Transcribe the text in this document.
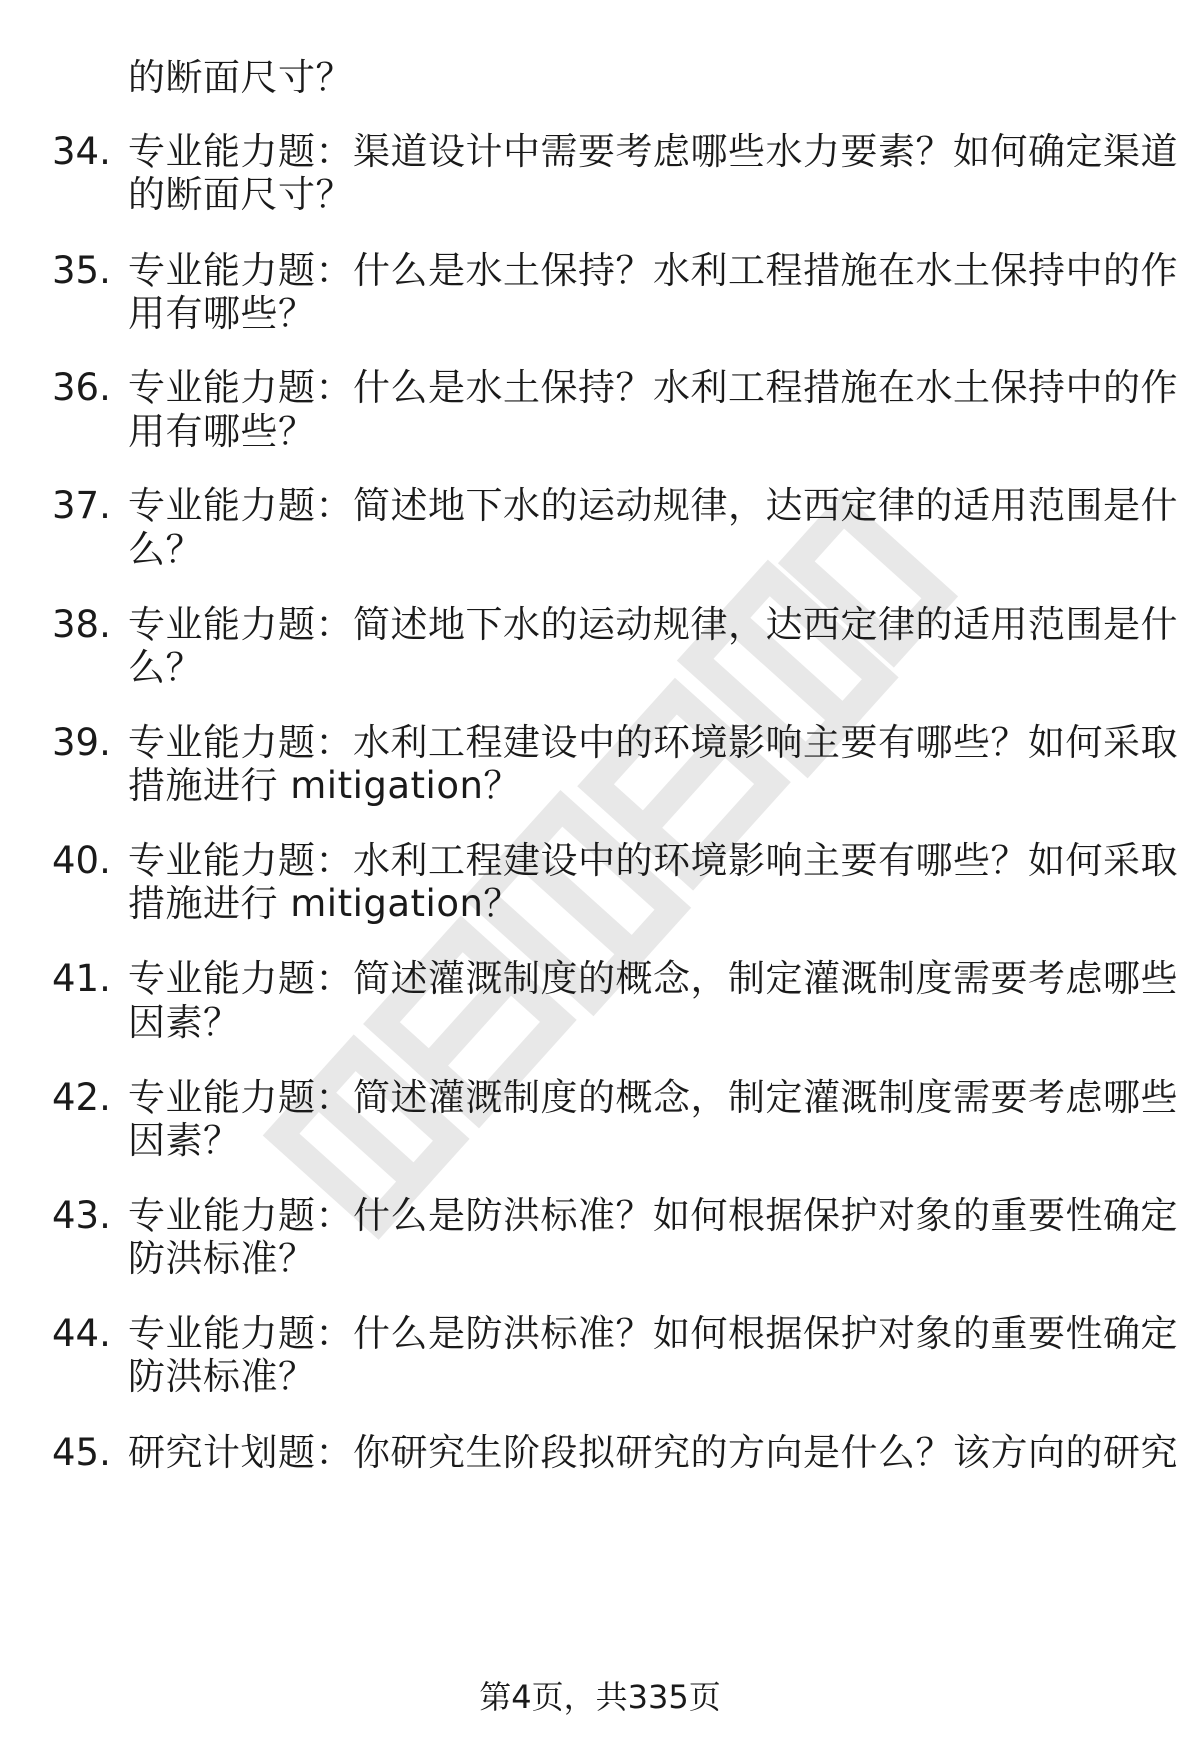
的断面尺寸？
34. 专业能力题：渠道设计中需要考虑哪些水力要素？如何确定渠道
的断面尺寸？
35. 专业能力题：什么是水土保持？水利工程措施在水土保持中的作
用有哪些？
36. 专业能力题：什么是水土保持？水利工程措施在水土保持中的作
用有哪些？
37. 专业能力题：简述地下水的运动规律，达西定律的适用范围是什
么？
38. 专业能力题：简述地下水的运动规律，达西定律的适用范围是什
么？
39. 专业能力题：水利工程建设中的环境影响主要有哪些？如何采取
措施进行 mitigation？
40. 专业能力题：水利工程建设中的环境影响主要有哪些？如何采取
措施进行 mitigation？
41. 专业能力题：简述灌溉制度的概念，制定灌溉制度需要考虑哪些
因素？
42. 专业能力题：简述灌溉制度的概念，制定灌溉制度需要考虑哪些
因素？
43. 专业能力题：什么是防洪标准？如何根据保护对象的重要性确定
防洪标准？
44. 专业能力题：什么是防洪标准？如何根据保护对象的重要性确定
防洪标准？
45. 研究计划题：你研究生阶段拟研究的方向是什么？该方向的研究
第4页，共335页
